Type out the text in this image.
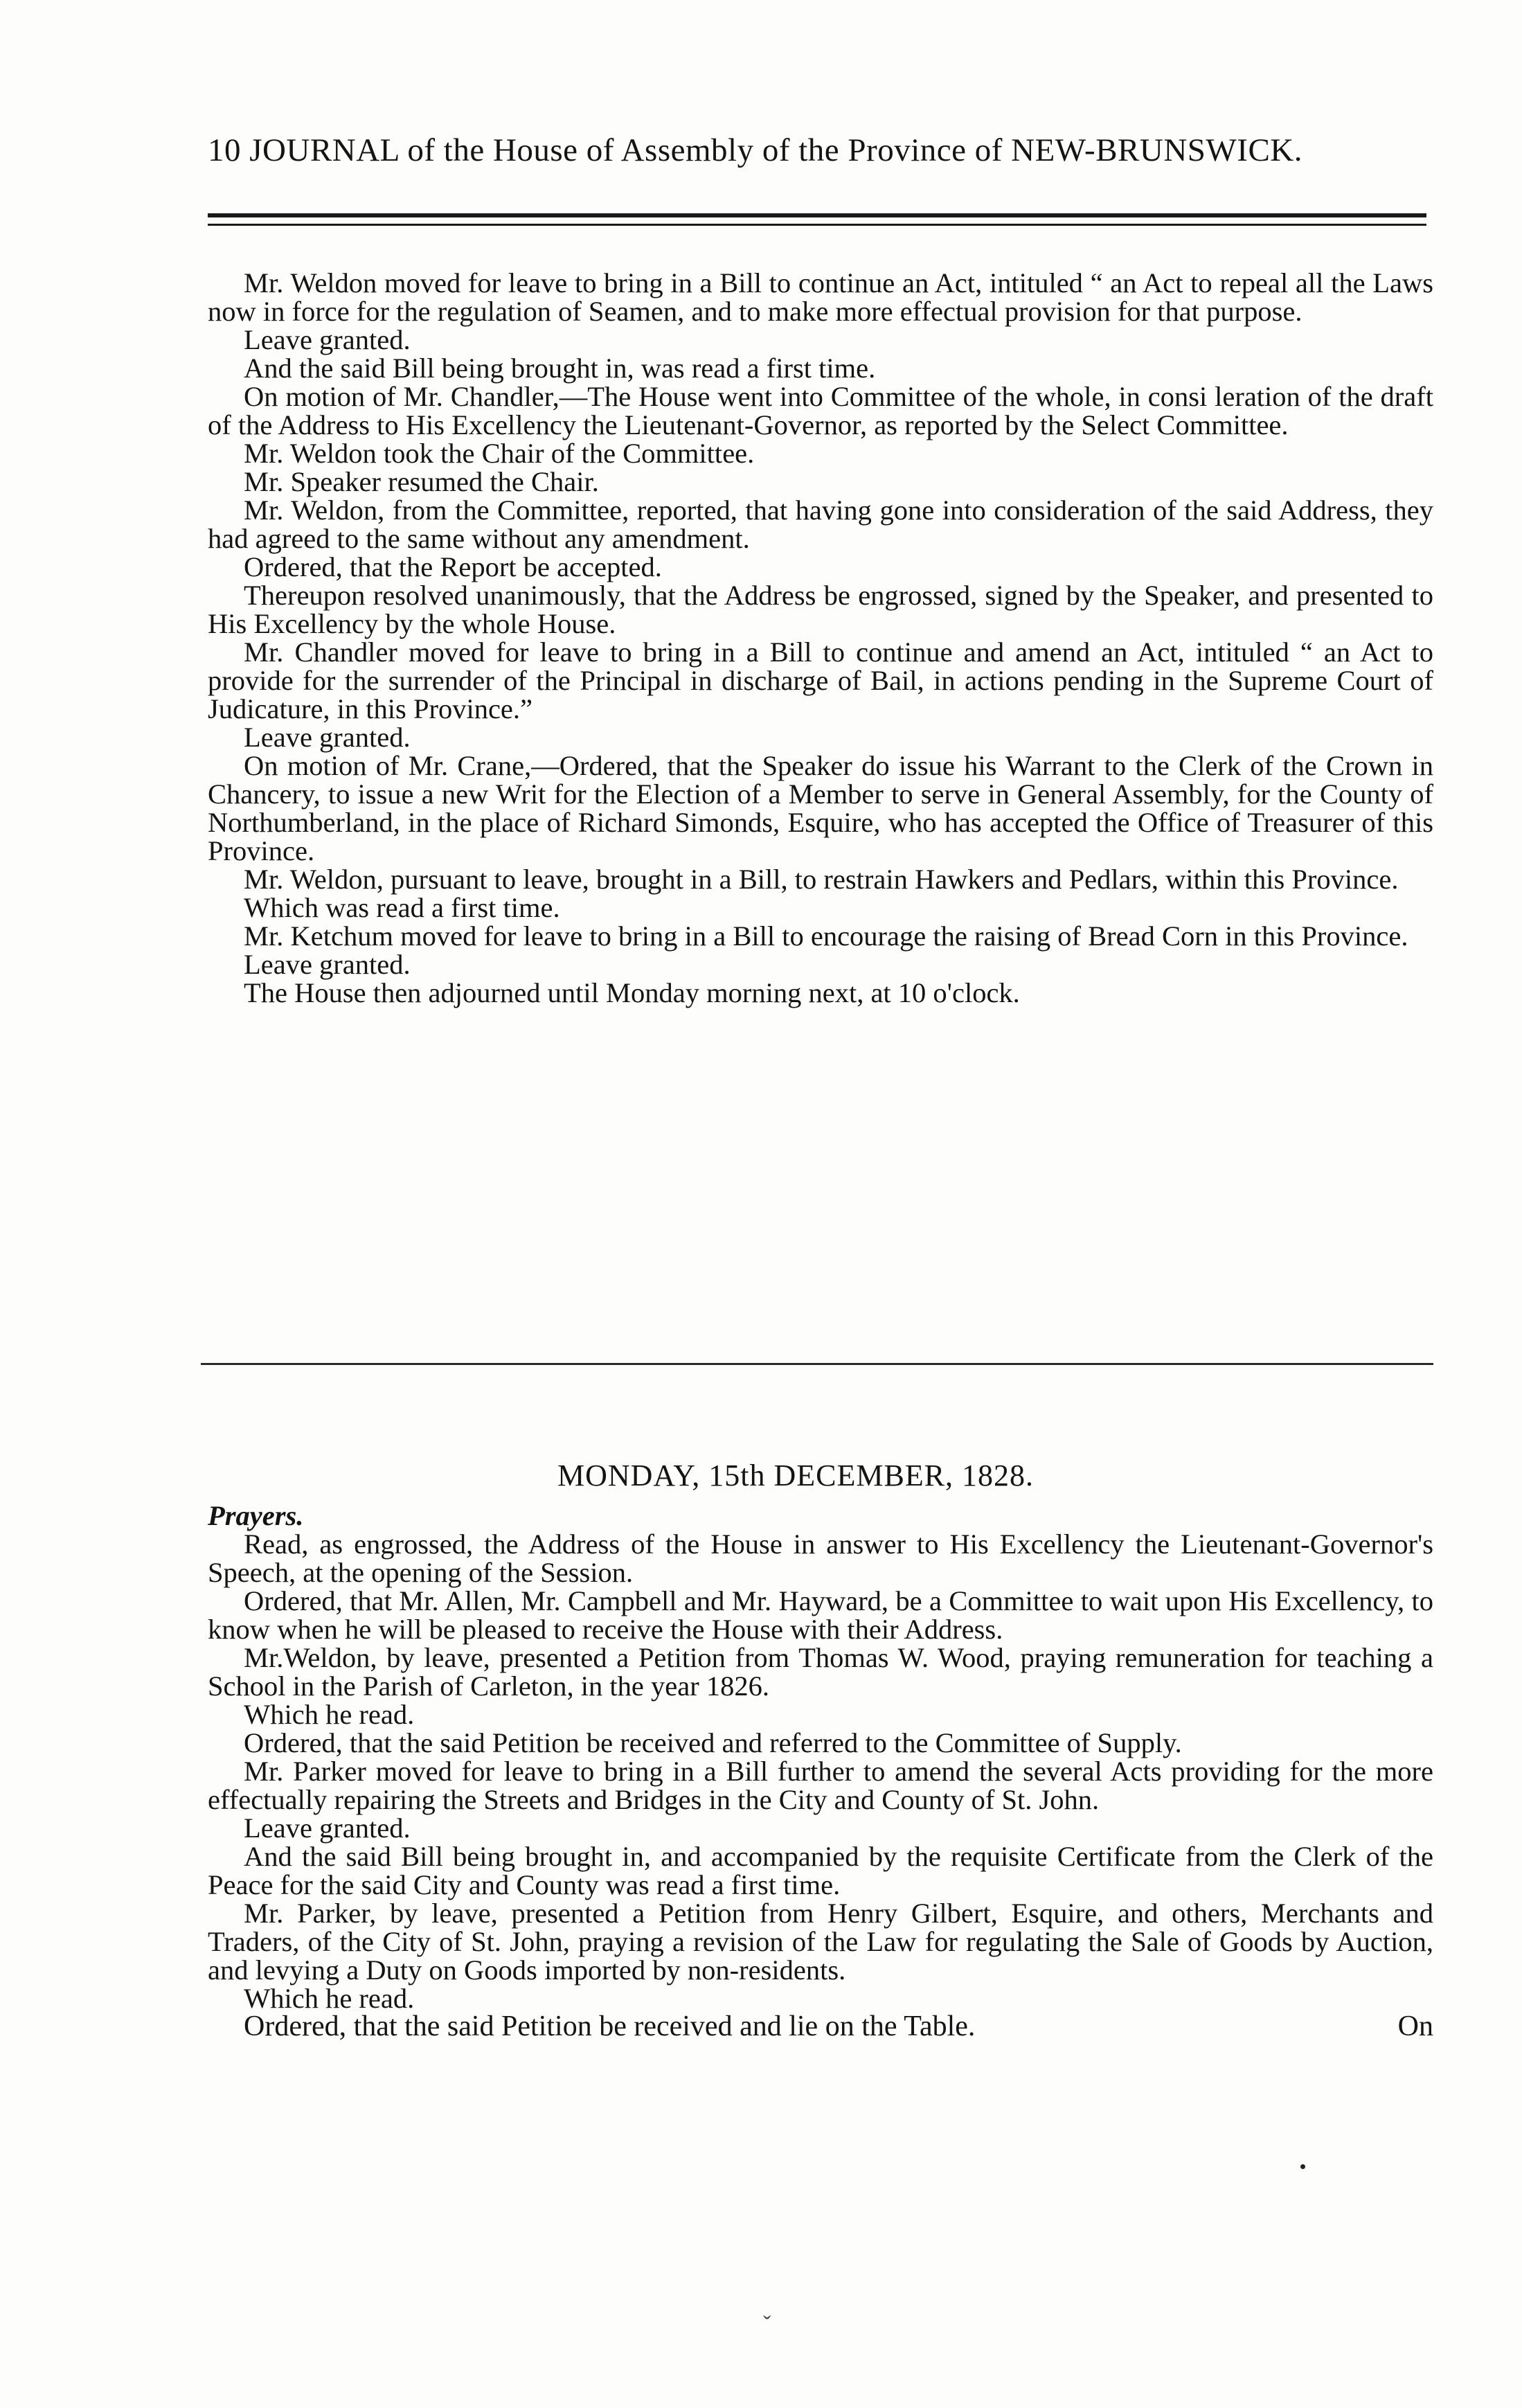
10 JOURNAL of the House of Assembly of the Province of NEW-BRUNSWICK.

Mr. Weldon moved for leave to bring in a Bill to continue an Act, intituled “ an Act to repeal all the Laws now in force for the regulation of Seamen, and to make more effectual provision for that purpose.

Leave granted.

And the said Bill being brought in, was read a first time.

On motion of Mr. Chandler,—The House went into Committee of the whole, in consi leration of the draft of the Address to His Excellency the Lieutenant-Governor, as reported by the Select Committee.

Mr. Weldon took the Chair of the Committee.

Mr. Speaker resumed the Chair.

Mr. Weldon, from the Committee, reported, that having gone into consideration of the said Address, they had agreed to the same without any amendment.

Ordered, that the Report be accepted.

Thereupon resolved unanimously, that the Address be engrossed, signed by the Speaker, and presented to His Excellency by the whole House.

Mr. Chandler moved for leave to bring in a Bill to continue and amend an Act, intituled “ an Act to provide for the surrender of the Principal in discharge of Bail, in actions pending in the Supreme Court of Judicature, in this Province.”

Leave granted.

On motion of Mr. Crane,—Ordered, that the Speaker do issue his Warrant to the Clerk of the Crown in Chancery, to issue a new Writ for the Election of a Member to serve in General Assembly, for the County of Northumberland, in the place of Richard Simonds, Esquire, who has accepted the Office of Treasurer of this Province.

Mr. Weldon, pursuant to leave, brought in a Bill, to restrain Hawkers and Pedlars, within this Province.

Which was read a first time.

Mr. Ketchum moved for leave to bring in a Bill to encourage the raising of Bread Corn in this Province.

Leave granted.

The House then adjourned until Monday morning next, at 10 o'clock.

MONDAY, 15th DECEMBER, 1828.

Prayers.

Read, as engrossed, the Address of the House in answer to His Excellency the Lieutenant-Governor's Speech, at the opening of the Session.

Ordered, that Mr. Allen, Mr. Campbell and Mr. Hayward, be a Committee to wait upon His Excellency, to know when he will be pleased to receive the House with their Address.

Mr.Weldon, by leave, presented a Petition from Thomas W. Wood, praying remuneration for teaching a School in the Parish of Carleton, in the year 1826.

Which he read.

Ordered, that the said Petition be received and referred to the Committee of Supply.

Mr. Parker moved for leave to bring in a Bill further to amend the several Acts providing for the more effectually repairing the Streets and Bridges in the City and County of St. John.

Leave granted.

And the said Bill being brought in, and accompanied by the requisite Certificate from the Clerk of the Peace for the said City and County was read a first time.

Mr. Parker, by leave, presented a Petition from Henry Gilbert, Esquire, and others, Merchants and Traders, of the City of St. John, praying a revision of the Law for regulating the Sale of Goods by Auction, and levying a Duty on Goods imported by non-residents.

Which he read.

Ordered, that the said Petition be received and lie on the Table.	On
ˇ
